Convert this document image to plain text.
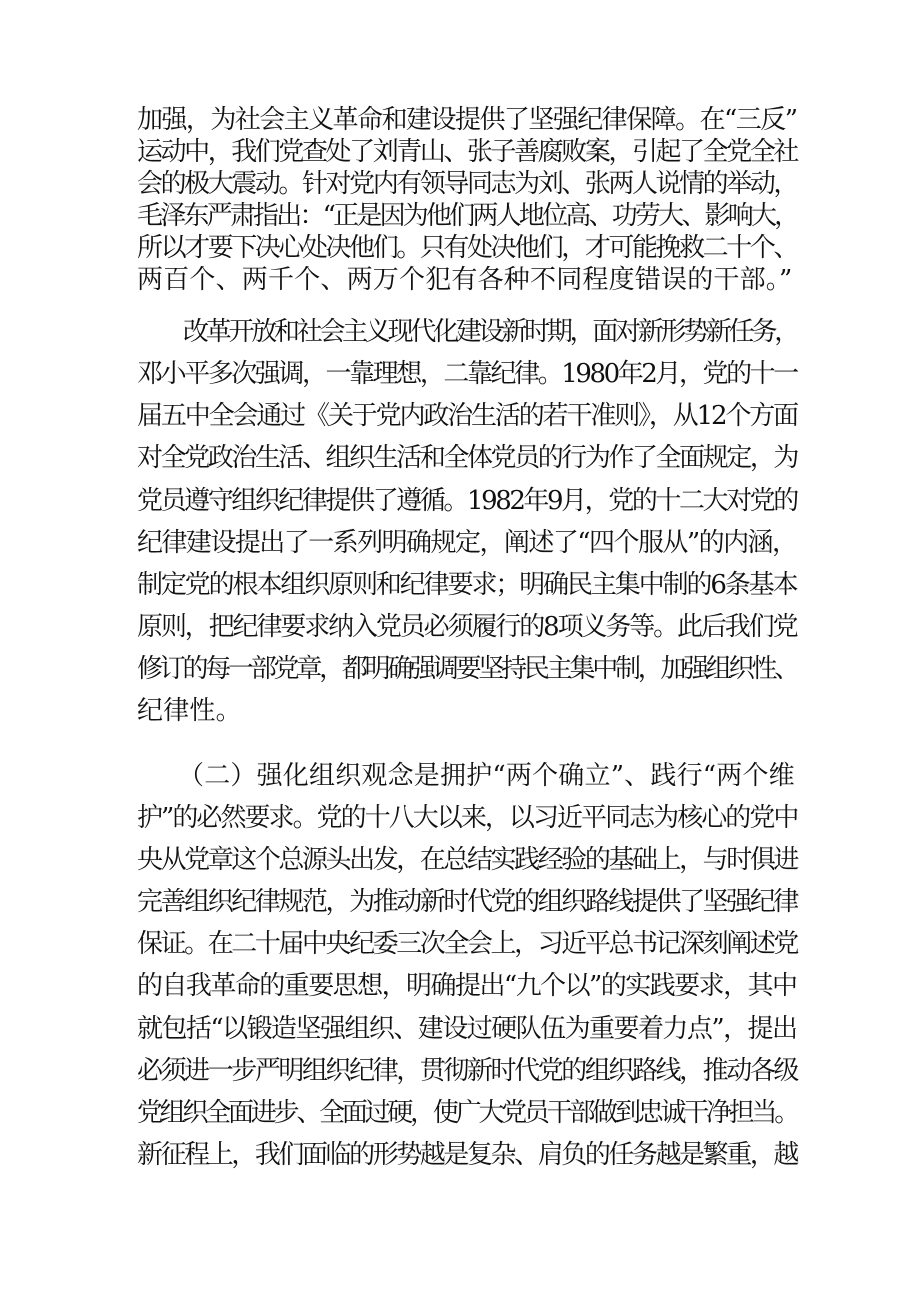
加强，为社会主义革命和建设提供了坚强纪律保障。在“三反”
运动中，我们党查处了刘青山、张子善腐败案，引起了全党全社
会的极大震动。针对党内有领导同志为刘、张两人说情的举动，
毛泽东严肃指出：“正是因为他们两人地位高、功劳大、影响大，
所以才要下决心处决他们。只有处决他们，才可能挽救二十个、
两百个、两千个、两万个犯有各种不同程度错误的干部。”
改革开放和社会主义现代化建设新时期，面对新形势新任务，
邓小平多次强调，一靠理想，二靠纪律。1980年2月，党的十一
届五中全会通过《关于党内政治生活的若干准则》，从12个方面
对全党政治生活、组织生活和全体党员的行为作了全面规定，为
党员遵守组织纪律提供了遵循。1982年9月，党的十二大对党的
纪律建设提出了一系列明确规定，阐述了“四个服从”的内涵，
制定党的根本组织原则和纪律要求；明确民主集中制的6条基本
原则，把纪律要求纳入党员必须履行的8项义务等。此后我们党
修订的每一部党章，都明确强调要坚持民主集中制，加强组织性、
纪律性。
（二）强化组织观念是拥护“两个确立”、践行“两个维
护”的必然要求。党的十八大以来，以习近平同志为核心的党中
央从党章这个总源头出发，在总结实践经验的基础上，与时俱进
完善组织纪律规范，为推动新时代党的组织路线提供了坚强纪律
保证。在二十届中央纪委三次全会上，习近平总书记深刻阐述党
的自我革命的重要思想，明确提出“九个以”的实践要求，其中
就包括“以锻造坚强组织、建设过硬队伍为重要着力点”，提出
必须进一步严明组织纪律，贯彻新时代党的组织路线，推动各级
党组织全面进步、全面过硬，使广大党员干部做到忠诚干净担当。
新征程上，我们面临的形势越是复杂、肩负的任务越是繁重，越
